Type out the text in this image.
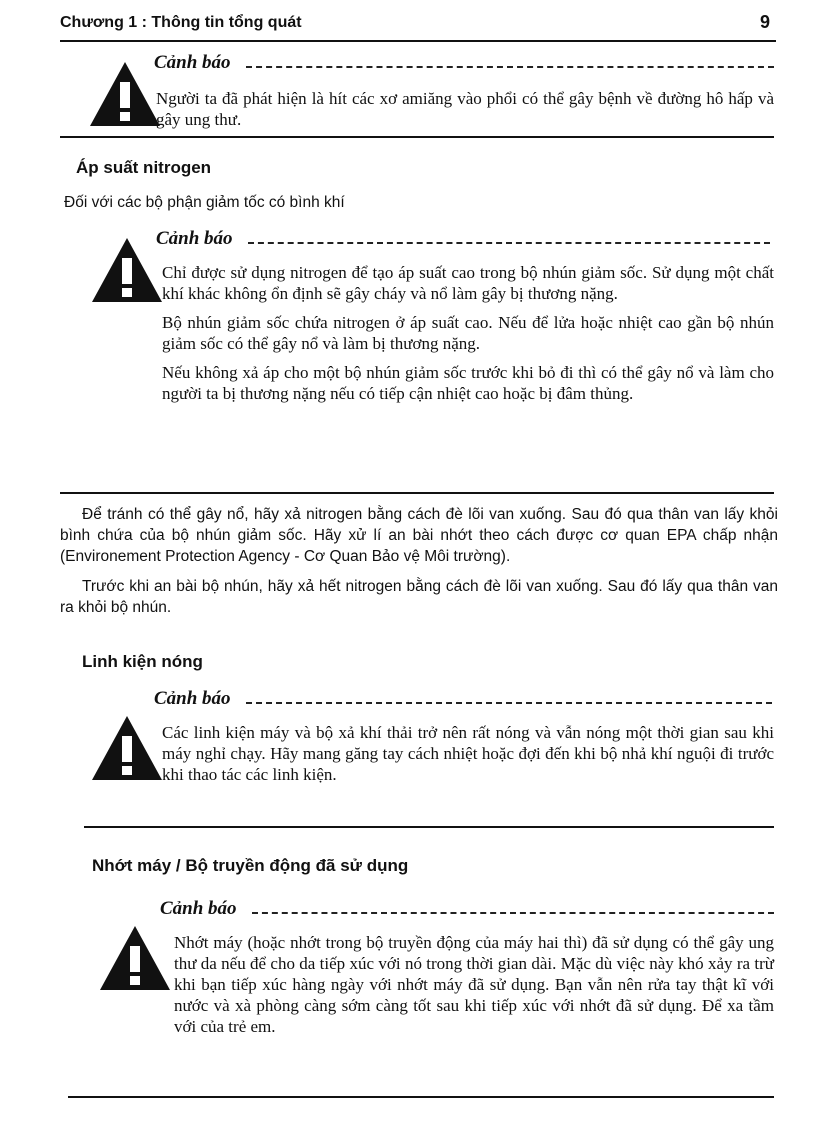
Chương 1 : Thông tin tổng quát	9
Cảnh báo

Người ta đã phát hiện là hít các xơ amiăng vào phổi có thể gây bệnh về đường hô hấp và gây ung thư.

Áp suất nitrogen
Đối với các bộ phận giảm tốc có bình khí
Cảnh báo

Chỉ được sử dụng nitrogen để tạo áp suất cao trong bộ nhún giảm sốc. Sử dụng một chất khí khác không ổn định sẽ gây cháy và nổ làm gây bị thương nặng.

Bộ nhún giảm sốc chứa nitrogen ở áp suất cao. Nếu để lửa hoặc nhiệt cao gần bộ nhún giảm sốc có thể gây nổ và làm bị thương nặng.

Nếu không xả áp cho một bộ nhún giảm sốc trước khi bỏ đi thì có thể gây nổ và làm cho người ta bị thương nặng nếu có tiếp cận nhiệt cao hoặc bị đâm thủng.

Để tránh có thể gây nổ, hãy xả nitrogen bằng cách đè lõi van xuống. Sau đó qua thân van lấy khỏi bình chứa của bộ nhún giảm sốc. Hãy xử lí an bài nhớt theo cách được cơ quan EPA chấp nhận (Environement Protection Agency - Cơ Quan Bảo vệ Môi trường).

Trước khi an bài bộ nhún, hãy xả hết nitrogen bằng cách đè lõi van xuống. Sau đó lấy qua thân van ra khỏi bộ nhún.

Linh kiện nóng
Cảnh báo

Các linh kiện máy và bộ xả khí thải trở nên rất nóng và vẫn nóng một thời gian sau khi máy nghỉ chạy. Hãy mang găng tay cách nhiệt hoặc đợi đến khi bộ nhả khí nguội đi trước khi thao tác các linh kiện.

Nhớt máy / Bộ truyền động đã sử dụng
Cảnh báo

Nhớt máy (hoặc nhớt trong bộ truyền động của máy hai thì) đã sử dụng có thể gây ung thư da nếu để cho da tiếp xúc với nó trong thời gian dài. Mặc dù việc này khó xảy ra trừ khi bạn tiếp xúc hàng ngày với nhớt máy đã sử dụng. Bạn vẫn nên rửa tay thật kĩ với nước và xà phòng càng sớm càng tốt sau khi tiếp xúc với nhớt đã sử dụng. Để xa tầm với của trẻ em.
